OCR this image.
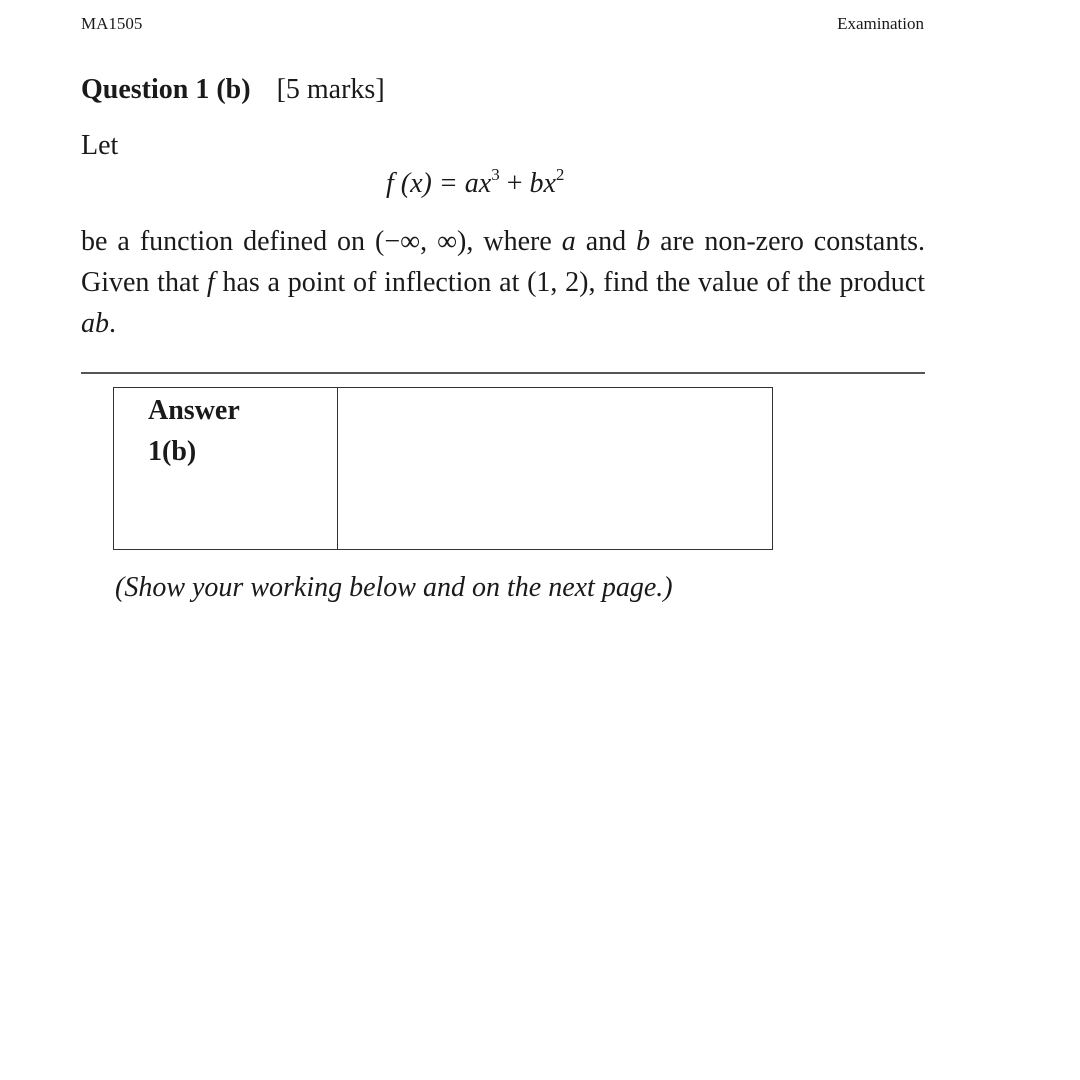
MA1505	Examination
Question 1 (b) [5 marks]
Let
f $(x) = ax^3 + bx^2$
be a function defined on (−∞, ∞), where a and b are non-zero constants. Given that f has a point of inflection at (1, 2), find the value of the product ab.
Answer
1(b)
(Show your working below and on the next page.)
